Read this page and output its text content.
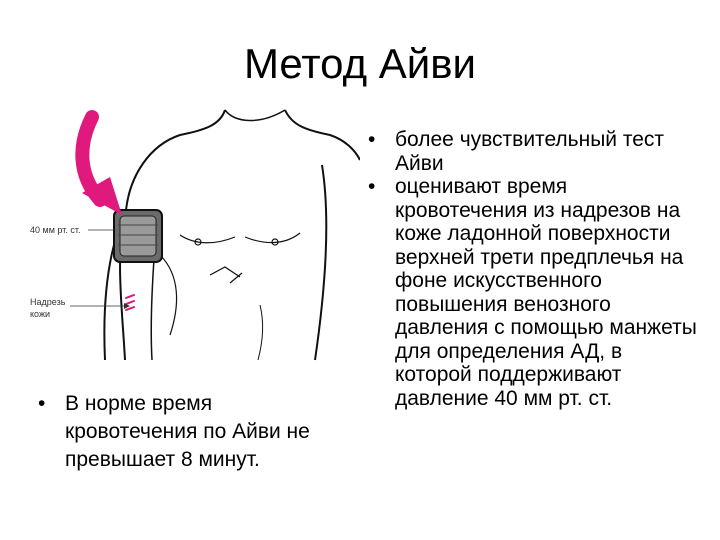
Метод Айви
40 мм рт. ст.
Надрезь
кожи
• В норме время кровотечения по Айви не превышает 8 минут.
• более чувствительный тест Айви
• оценивают время кровотечения из надрезов на коже ладонной поверхности верхней трети предплечья на фоне искусственного повышения венозного давления с помощью манжеты для определения АД, в которой поддерживают давление 40 мм рт. ст.
